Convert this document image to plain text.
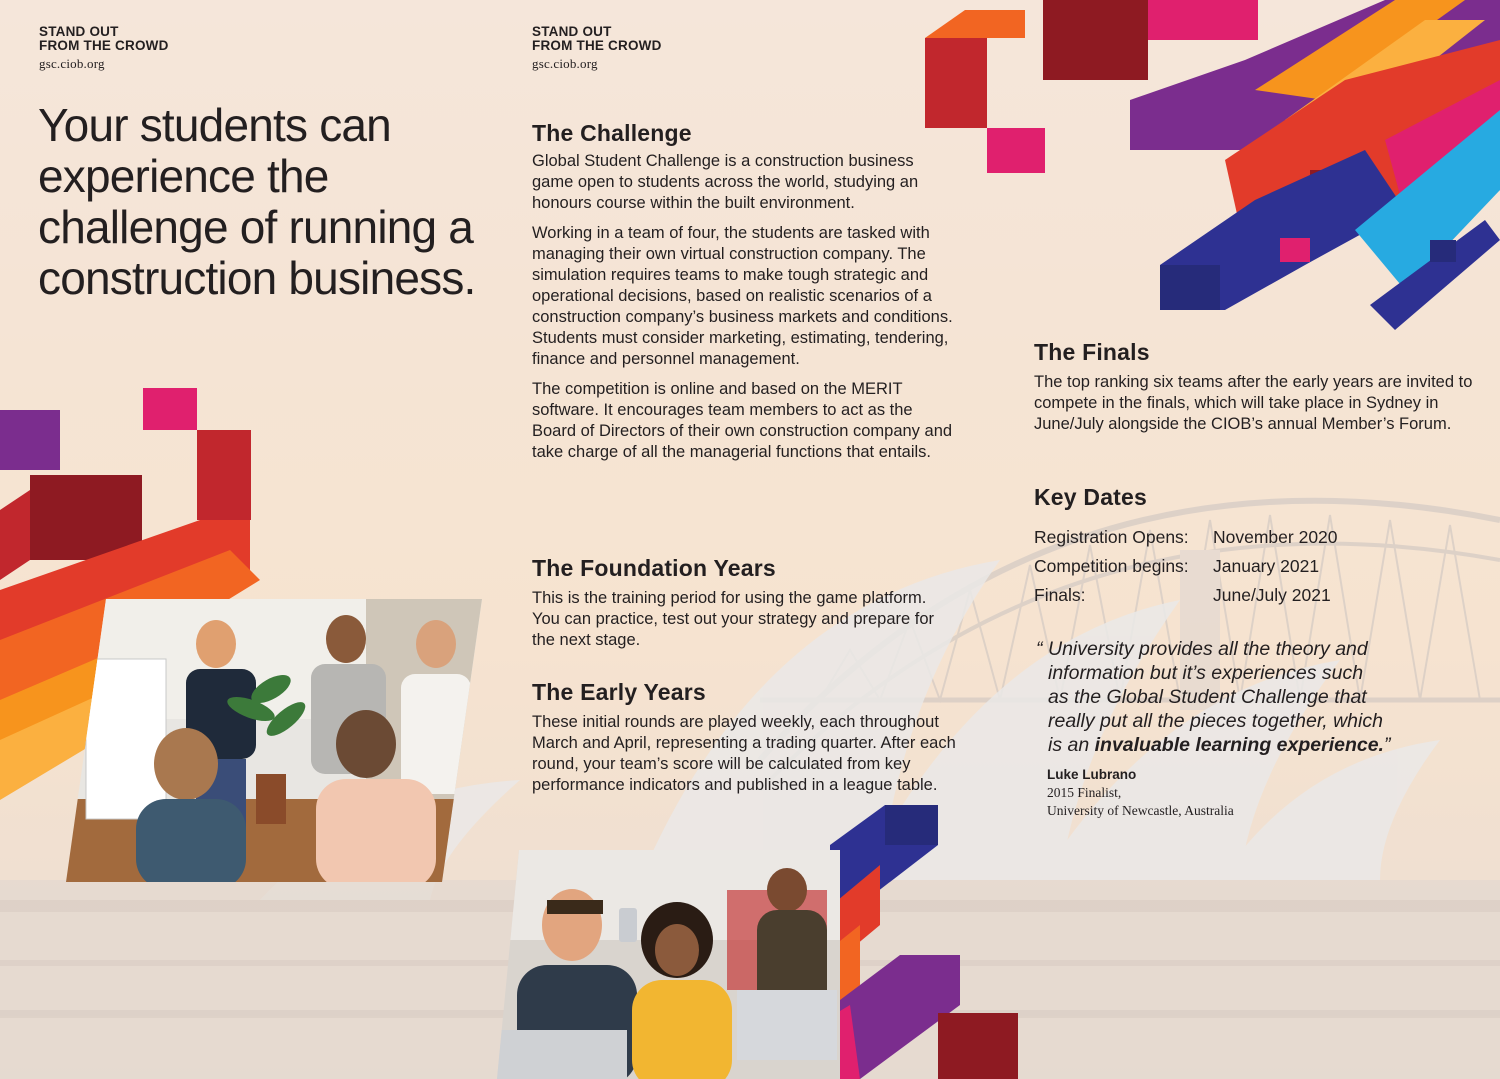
STAND OUT
FROM THE CROWD
gsc.ciob.org
STAND OUT
FROM THE CROWD
gsc.ciob.org
Your students can experience the challenge of running a construction business.
The Challenge

Global Student Challenge is a construction business game open to students across the world, studying an honours course within the built environment.

Working in a team of four, the students are tasked with managing their own virtual construction company. The simulation requires teams to make tough strategic and operational decisions, based on realistic scenarios of a construction company’s business markets and conditions. Students must consider marketing, estimating, tendering, finance and personnel management.

The competition is online and based on the MERIT software. It encourages team members to act as the Board of Directors of their own construction company and take charge of all the managerial functions that entails.

The Foundation Years

This is the training period for using the game platform. You can practice, test out your strategy and prepare for the next stage.

The Early Years

These initial rounds are played weekly, each throughout March and April, representing a trading quarter. After each round, your team’s score will be calculated from key performance indicators and published in a league table.

The Finals

The top ranking six teams after the early years are invited to compete in the finals, which will take place in Sydney in June/July alongside the CIOB’s annual Member’s Forum.

Key Dates
Registration Opens:	November 2020
Competition begins:	January 2021
Finals:	June/July 2021
“ University provides all the theory and
information but it’s experiences such
as the Global Student Challenge that
really put all the pieces together, which
is an invaluable learning experience.”
Luke Lubrano
2015 Finalist,
University of Newcastle, Australia
